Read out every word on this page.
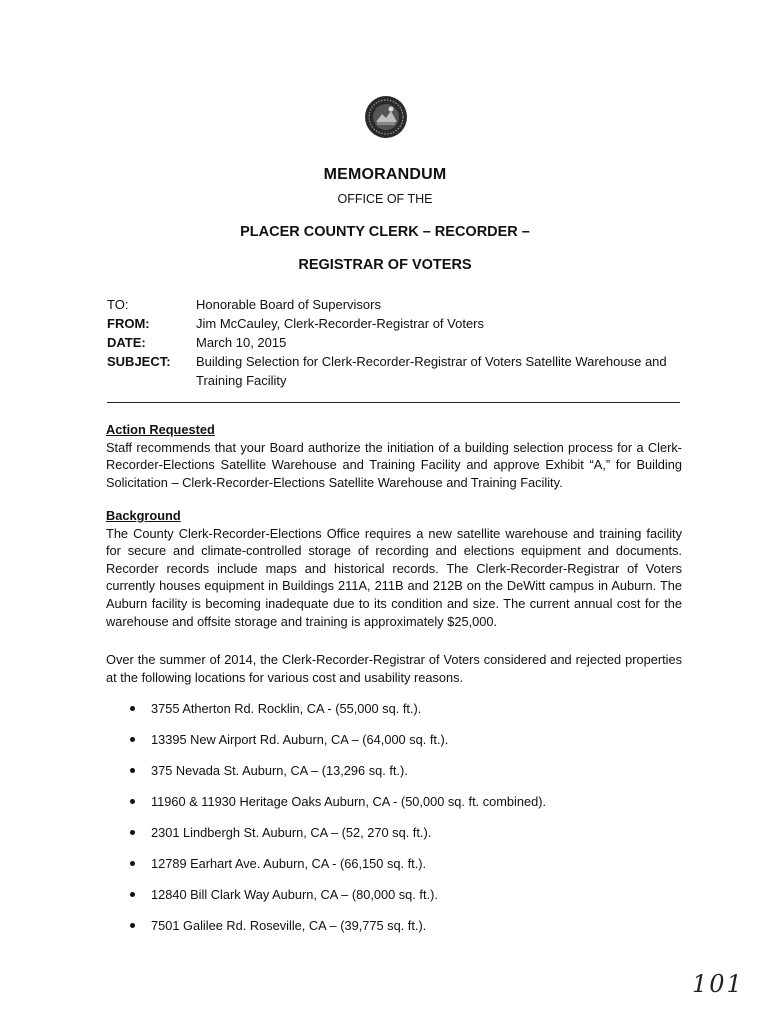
MEMORANDUM
OFFICE OF THE
PLACER COUNTY CLERK – RECORDER –
REGISTRAR OF VOTERS
TO:	Honorable Board of Supervisors
FROM:	Jim McCauley, Clerk-Recorder-Registrar of Voters
DATE:	March 10, 2015
SUBJECT:	Building Selection for Clerk-Recorder-Registrar of Voters Satellite Warehouse and Training Facility
Action Requested
Staff recommends that your Board authorize the initiation of a building selection process for a Clerk-Recorder-Elections Satellite Warehouse and Training Facility and approve Exhibit “A,” for Building Solicitation – Clerk-Recorder-Elections Satellite Warehouse and Training Facility.
Background
The County Clerk-Recorder-Elections Office requires a new satellite warehouse and training facility for secure and climate-controlled storage of recording and elections equipment and documents. Recorder records include maps and historical records. The Clerk-Recorder-Registrar of Voters currently houses equipment in Buildings 211A, 211B and 212B on the DeWitt campus in Auburn. The Auburn facility is becoming inadequate due to its condition and size. The current annual cost for the warehouse and offsite storage and training is approximately $25,000.
Over the summer of 2014, the Clerk-Recorder-Registrar of Voters considered and rejected properties at the following locations for various cost and usability reasons.
3755 Atherton Rd. Rocklin, CA - (55,000 sq. ft.).
13395 New Airport Rd. Auburn, CA – (64,000 sq. ft.).
375 Nevada St. Auburn, CA – (13,296 sq. ft.).
11960 & 11930 Heritage Oaks Auburn, CA - (50,000 sq. ft. combined).
2301 Lindbergh St. Auburn, CA – (52, 270 sq. ft.).
12789 Earhart Ave. Auburn, CA - (66,150 sq. ft.).
12840 Bill Clark Way Auburn, CA – (80,000 sq. ft.).
7501 Galilee Rd. Roseville, CA – (39,775 sq. ft.).
101
